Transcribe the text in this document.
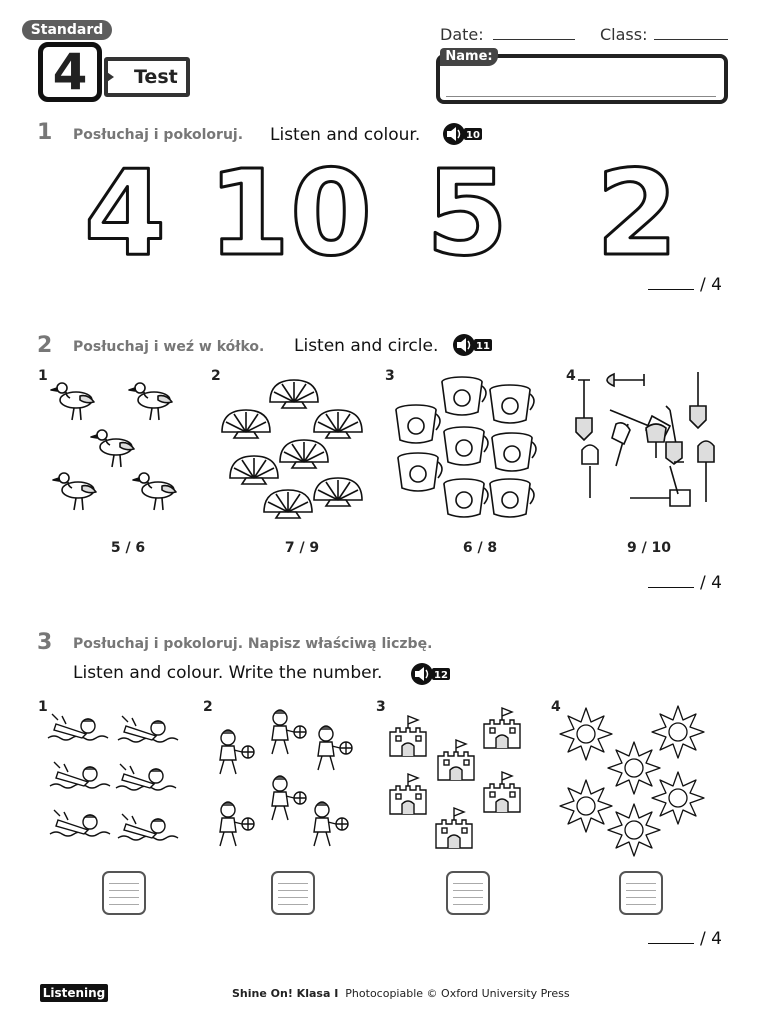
Standard
4	Test
Date:	Class:
Name:
1 Posłuchaj i pokoloruj. Listen and colour.	10
4 10 5 2
/ 4
2 Posłuchaj i weź w kółko. Listen and circle.	11
1	2	3	4
5 / 6	7 / 9	6 / 8	9 / 10
/ 4
3 Posłuchaj i pokoloruj. Napisz właściwą liczbę.
Listen and colour. Write the number.	12
1	2	3	4
/ 4
Listening	Shine On! Klasa I Photocopiable © Oxford University Press
